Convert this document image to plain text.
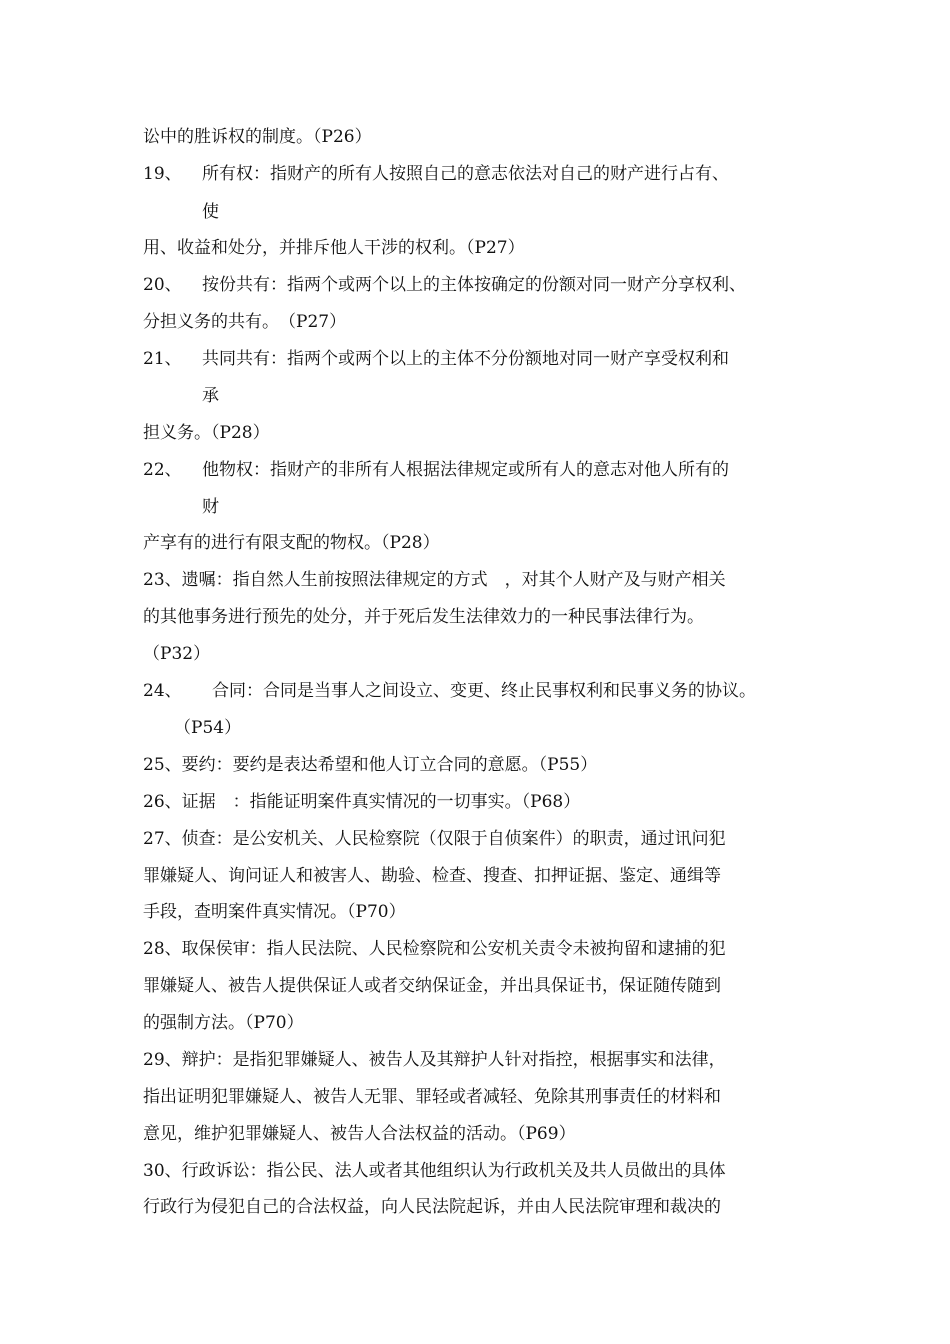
讼中的胜诉权的制度。（P26）

19、 所有权：指财产的所有人按照自己的意志依法对自己的财产进行占有、

使

用、收益和处分，并排斥他人干涉的权利。（P27）

20、 按份共有：指两个或两个以上的主体按确定的份额对同一财产分享权利、

分担义务的共有。　（P27）

21、 共同共有：指两个或两个以上的主体不分份额地对同一财产享受权利和

承

担义务。（P28）

22、 他物权：指财产的非所有人根据法律规定或所有人的意志对他人所有的

财

产享有的进行有限支配的物权。（P28）

23、遗嘱：指自然人生前按照法律规定的方式　，对其个人财产及与财产相关

的其他事务进行预先的处分，并于死后发生法律效力的一种民事法律行为。

（P32）

24、 合同：合同是当事人之间设立、变更、终止民事权利和民事义务的协议。

（P54）

25、要约：要约是表达希望和他人订立合同的意愿。（P55）

26、证据　：指能证明案件真实情况的一切事实。（P68）

27、侦查：是公安机关、人民检察院（仅限于自侦案件）的职责，通过讯问犯

罪嫌疑人、询问证人和被害人、勘验、检查、搜查、扣押证据、鉴定、通缉等

手段，查明案件真实情况。（P70）

28、取保侯审：指人民法院、人民检察院和公安机关责令未被拘留和逮捕的犯

罪嫌疑人、被告人提供保证人或者交纳保证金，并出具保证书，保证随传随到

的强制方法。（P70）

29、辩护：是指犯罪嫌疑人、被告人及其辩护人针对指控，根据事实和法律，

指出证明犯罪嫌疑人、被告人无罪、罪轻或者减轻、免除其刑事责任的材料和

意见，维护犯罪嫌疑人、被告人合法权益的活动。（P69）

30、行政诉讼：指公民、法人或者其他组织认为行政机关及共人员做出的具体

行政行为侵犯自己的合法权益，向人民法院起诉，并由人民法院审理和裁决的
